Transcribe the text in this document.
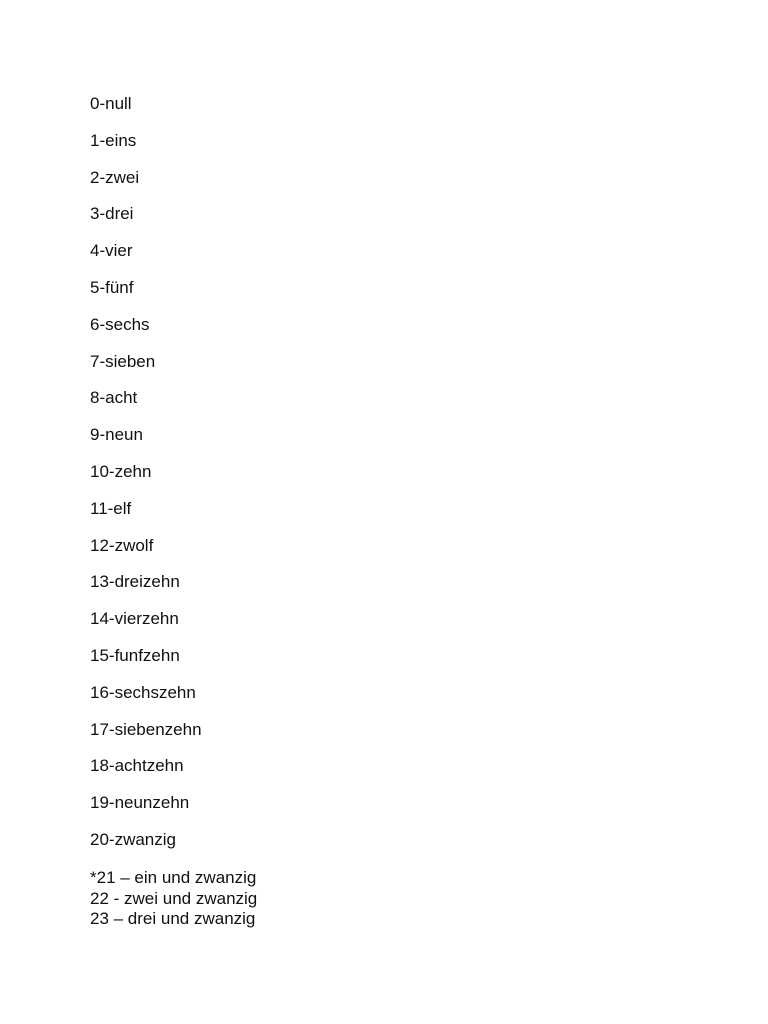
0-null
1-eins
2-zwei
3-drei
4-vier
5-fünf
6-sechs
7-sieben
8-acht
9-neun
10-zehn
11-elf
12-zwolf
13-dreizehn
14-vierzehn
15-funfzehn
16-sechszehn
17-siebenzehn
18-achtzehn
19-neunzehn
20-zwanzig
*21 – ein und zwanzig
22 - zwei und zwanzig
23 – drei und zwanzig
